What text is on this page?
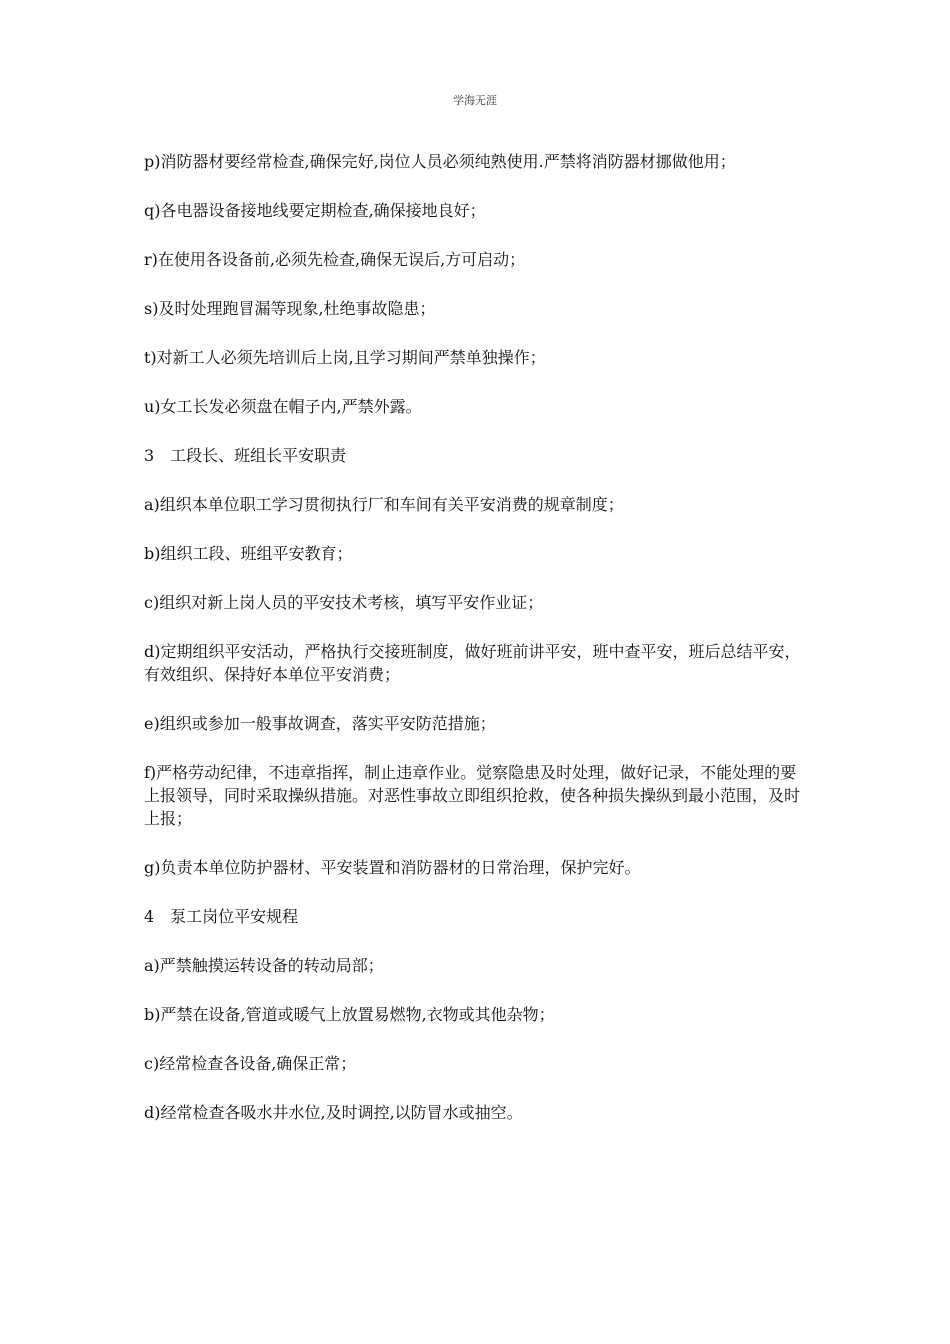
学海无涯

p)消防器材要经常检查,确保完好,岗位人员必须纯熟使用.严禁将消防器材挪做他用；

q)各电器设备接地线要定期检查,确保接地良好；

r)在使用各设备前,必须先检查,确保无误后,方可启动；

s)及时处理跑冒漏等现象,杜绝事故隐患；

t)对新工人必须先培训后上岗,且学习期间严禁单独操作；

u)女工长发必须盘在帽子内,严禁外露。

3　工段长、班组长平安职责

a)组织本单位职工学习贯彻执行厂和车间有关平安消费的规章制度；

b)组织工段、班组平安教育；

c)组织对新上岗人员的平安技术考核，填写平安作业证；

d)定期组织平安活动，严格执行交接班制度，做好班前讲平安，班中查平安，班后总结平安，有效组织、保持好本单位平安消费；

e)组织或参加一般事故调查，落实平安防范措施；

f)严格劳动纪律，不违章指挥，制止违章作业。觉察隐患及时处理，做好记录，不能处理的要上报领导，同时采取操纵措施。对恶性事故立即组织抢救，使各种损失操纵到最小范围，及时上报；

g)负责本单位防护器材、平安装置和消防器材的日常治理，保护完好。

4　泵工岗位平安规程

a)严禁触摸运转设备的转动局部；

b)严禁在设备,管道或暖气上放置易燃物,衣物或其他杂物；

c)经常检查各设备,确保正常；

d)经常检查各吸水井水位,及时调控,以防冒水或抽空。
